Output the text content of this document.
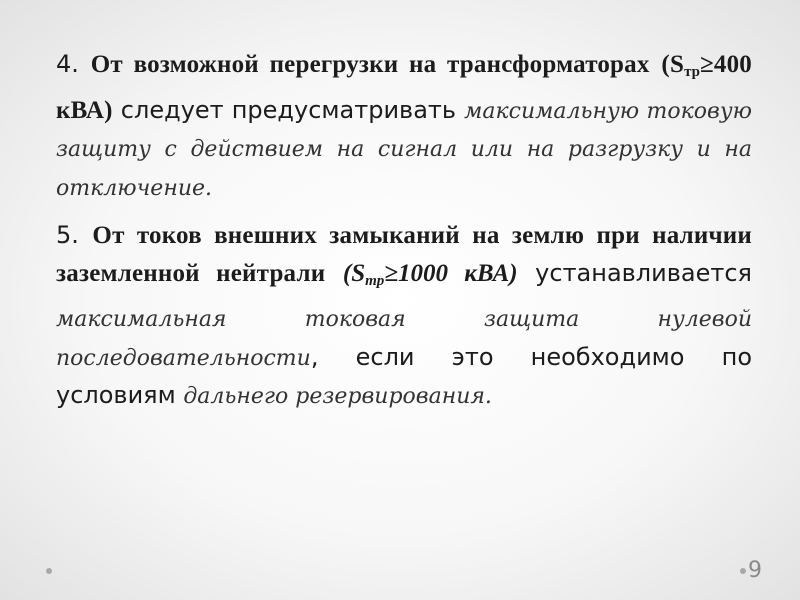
4. От возможной перегрузки на трансформаторах ($S_{тр}\ge 400$ кВА) следует предусматривать максимальную токовую защиту с действием на сигнал или на разгрузку и на отключение.

5. От токов внешних замыканий на землю при наличии заземленной нейтрали (Sтр≥1000 кВА) устанавливается максимальная токовая защита нулевой последовательности, если это необходимо по условиям дальнего резервирования.

9
